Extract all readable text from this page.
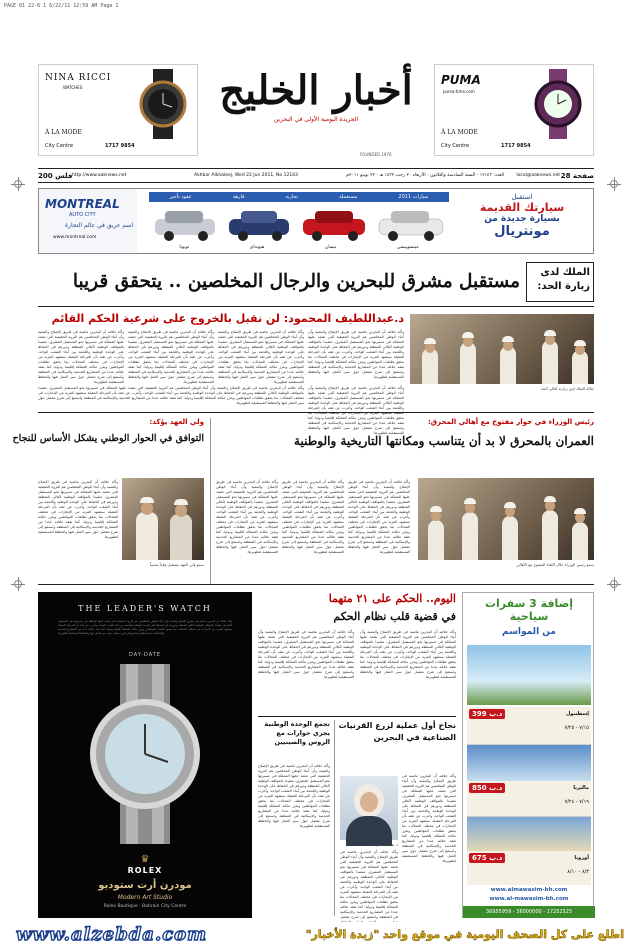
PAGE 01 22-6 1 6/22/11 12:59 AM Page 1
NINA RICCI
WATCHES
À LA MODE
City Centre	1717 9854
أخبار الخليج
الجريدة اليومية الأولى في البحرين
FOUNDED 1976
PUMA
puma-time.com
À LA MODE
City Centre	1717 9854
28 صفحة
local@aaknews.net
العدد: ١٢١٤٣ - السنة السادسة والثلاثون - الأربعاء ٢٠ رجب ١٤٣٢ هـ - ٢٢ يونيو ٢٠١١م
Akhbar Alkhaleej, Wed 22 Jun 2011, No 12143
http://www.aaknews.net
200 فلس
MONTREAL
AUTO CITY
اسم عريق في عالم التجارة
www.montreal.com
سيارات 2011
مستعملة
تجارية
فارهة
عقود تأجير
ميتسوبيشي
نيسان
هيونداي
تويوتا
استقبل
سيارتك القديمة
بسيارة جديدة من
مونتريال
الملك لدى زيارة الحد:
مستقبل مشرق للبحرين والرجال المخلصين .. يتحقق قريبا
د.عبداللطيف المحمود: لن نقبل بالخروج على شرعية الحكم القائم
وأكد جلالته أن البحرين ماضية في طريق الإصلاح والتنمية وأن أبناء الوطن المخلصين هم الثروة الحقيقية التي تعتمد عليها المملكة في مسيرتها نحو المستقبل المشرق، مشيدا بالمواقف الوطنية لأهالي المنطقة ودورهم في الحفاظ على الوحدة الوطنية واللحمة بين أبناء الشعب الواحد، وأعرب عن ثقته بأن المرحلة المقبلة ستشهد المزيد من الإنجازات في مختلف المجالات بما يحقق تطلعات المواطنين ويعزز مكانة المملكة إقليميا ودوليا، كما تفقد جلالته عددا من المشاريع الخدمية والإسكانية في المنطقة واستمع إلى شرح مفصل حول سير العمل فيها والخطط المستقبلية لتطويرها.
وأكد جلالته أن البحرين ماضية في طريق الإصلاح والتنمية وأن أبناء الوطن المخلصين هم الثروة الحقيقية التي تعتمد عليها المملكة في مسيرتها نحو المستقبل المشرق، مشيدا بالمواقف الوطنية لأهالي المنطقة ودورهم في الحفاظ على الوحدة الوطنية واللحمة بين أبناء الشعب الواحد، وأعرب عن ثقته بأن المرحلة المقبلة ستشهد المزيد من الإنجازات في مختلف المجالات بما يحقق تطلعات المواطنين ويعزز مكانة المملكة إقليميا ودوليا، كما تفقد جلالته عددا من المشاريع الخدمية والإسكانية في المنطقة واستمع إلى شرح مفصل حول سير العمل فيها والخطط المستقبلية لتطويرها.
وأكد جلالته أن البحرين ماضية في طريق الإصلاح والتنمية وأن أبناء الوطن المخلصين هم الثروة الحقيقية التي تعتمد عليها المملكة في مسيرتها نحو المستقبل المشرق، مشيدا بالمواقف الوطنية لأهالي المنطقة ودورهم في الحفاظ على الوحدة الوطنية واللحمة بين أبناء الشعب الواحد، وأعرب عن ثقته بأن المرحلة المقبلة ستشهد المزيد من الإنجازات في مختلف المجالات بما يحقق تطلعات المواطنين ويعزز مكانة المملكة إقليميا ودوليا، كما تفقد جلالته عددا من المشاريع الخدمية والإسكانية في المنطقة واستمع إلى شرح مفصل حول سير العمل فيها والخطط المستقبلية لتطويرها.
وأكد جلالته أن البحرين ماضية في طريق الإصلاح والتنمية وأن أبناء الوطن المخلصين هم الثروة الحقيقية التي تعتمد عليها المملكة في مسيرتها نحو المستقبل المشرق، مشيدا بالمواقف الوطنية لأهالي المنطقة ودورهم في الحفاظ على الوحدة الوطنية واللحمة بين أبناء الشعب الواحد، وأعرب عن ثقته بأن المرحلة المقبلة ستشهد المزيد من الإنجازات في مختلف المجالات بما يحقق تطلعات المواطنين ويعزز مكانة المملكة إقليميا ودوليا، كما تفقد جلالته عددا من المشاريع الخدمية والإسكانية في المنطقة واستمع إلى شرح مفصل حول سير العمل فيها والخطط المستقبلية لتطويرها.
وأكد جلالته أن البحرين ماضية في طريق الإصلاح والتنمية وأن أبناء الوطن المخلصين هم الثروة الحقيقية التي تعتمد عليها المملكة في مسيرتها نحو المستقبل المشرق، مشيدا بالمواقف الوطنية لأهالي المنطقة ودورهم في الحفاظ على الوحدة الوطنية واللحمة بين أبناء الشعب الواحد، وأعرب عن ثقته بأن المرحلة يحقق تطلعات المواطنين ويعزز مكانة المملكة إقليميا ودوليا، كما تفقد جلالته عددا من المشاريع الخدمية والإسكانية في المنطقة واستمع إلى شرح مفصل حول سير العمل فيها والخطط المستقبلية لتطويرها.
جلالة الملك لدى زيارته أهالي الحد
وأكد جلالته أن البحرين ماضية في طريق الإصلاح والتنمية وأن أبناء الوطن المخلصين هم الثروة الحقيقية التي تعتمد عليها المملكة في مسيرتها نحو المستقبل المشرق، مشيدا بالمواقف الوطنية لأهالي المنطقة ودورهم في الحفاظ على الوحدة الوطنية واللحمة بين أبناء الشعب الواحد، وأعرب عن ثقته بأن المرحلة المقبلة ستشهد المزيد من الإنجازات في مختلف المجالات بما يحقق تطلعات المواطنين ويعزز مكانة المملكة إقليميا ودوليا، كما تفقد جلالته عددا من المشاريع الخدمية والإسكانية في المنطقة واستمع إلى شرح مفصل حول سير العمل فيها والخطط المستقبلية لتطويرها.
ولي العهد يؤكد:
التوافق في الحوار الوطني يشكل الأساس للنجاح
وأكد جلالته أن البحرين ماضية في طريق الإصلاح والتنمية وأن أبناء الوطن المخلصين هم الثروة الحقيقية التي تعتمد عليها المملكة في مسيرتها نحو المستقبل المشرق، مشيدا بالمواقف الوطنية لأهالي المنطقة ودورهم في الحفاظ على الوحدة الوطنية واللحمة بين أبناء الشعب الواحد، وأعرب عن ثقته بأن المرحلة المقبلة ستشهد المزيد من الإنجازات في مختلف المجالات بما يحقق تطلعات المواطنين ويعزز مكانة المملكة إقليميا ودوليا، كما تفقد جلالته عددا من المشاريع الخدمية والإسكانية في المنطقة واستمع إلى شرح مفصل حول سير العمل فيها والخطط المستقبلية لتطويرها.
سمو ولي العهد يستقبل وفداً شعبياً
رئيس الوزراء في حوار مفتوح مع أهالي المحرق:
العمران بالمحرق لا بد أن يتناسب ومكانتها التاريخية والوطنية
وأكد جلالته أن البحرين ماضية في طريق الإصلاح والتنمية وأن أبناء الوطن المخلصين هم الثروة الحقيقية التي تعتمد عليها المملكة في مسيرتها نحو المستقبل المشرق، مشيدا بالمواقف الوطنية لأهالي المنطقة ودورهم في الحفاظ على الوحدة الوطنية واللحمة بين أبناء الشعب الواحد، وأعرب عن ثقته بأن المرحلة المقبلة ستشهد المزيد من الإنجازات في مختلف المجالات بما يحقق تطلعات المواطنين ويعزز مكانة المملكة إقليميا ودوليا، كما تفقد جلالته عددا من المشاريع الخدمية والإسكانية في المنطقة واستمع إلى شرح مفصل حول سير العمل فيها والخطط المستقبلية لتطويرها.
وأكد جلالته أن البحرين ماضية في طريق الإصلاح والتنمية وأن أبناء الوطن المخلصين هم الثروة الحقيقية التي تعتمد عليها المملكة في مسيرتها نحو المستقبل المشرق، مشيدا بالمواقف الوطنية لأهالي المنطقة ودورهم في الحفاظ على الوحدة الوطنية واللحمة بين أبناء الشعب الواحد، وأعرب عن ثقته بأن المرحلة المقبلة ستشهد المزيد من الإنجازات في مختلف المجالات بما يحقق تطلعات المواطنين ويعزز مكانة المملكة إقليميا ودوليا، كما تفقد جلالته عددا من المشاريع الخدمية والإسكانية في المنطقة واستمع إلى شرح مفصل حول سير العمل فيها والخطط المستقبلية لتطويرها.
وأكد جلالته أن البحرين ماضية في طريق الإصلاح والتنمية وأن أبناء الوطن المخلصين هم الثروة الحقيقية التي تعتمد عليها المملكة في مسيرتها نحو المستقبل المشرق، مشيدا بالمواقف الوطنية لأهالي المنطقة ودورهم في الحفاظ على الوحدة الوطنية واللحمة بين أبناء الشعب الواحد، وأعرب عن ثقته بأن المرحلة المقبلة ستشهد المزيد من الإنجازات في مختلف المجالات بما يحقق تطلعات المواطنين ويعزز مكانة المملكة إقليميا ودوليا، كما تفقد جلالته عددا من المشاريع الخدمية والإسكانية في المنطقة واستمع إلى شرح مفصل حول سير العمل فيها والخطط المستقبلية لتطويرها.
سمو رئيس الوزراء خلال اللقاء المفتوح مع الأهالي
THE LEADER'S WATCH
وأكد جلالته أن البحرين ماضية في طريق الإصلاح والتنمية وأن أبناء الوطن المخلصين هم الثروة الحقيقية التي تعتمد عليها المملكة في مسيرتها نحو المستقبل المشرق، مشيدا بالمواقف الوطنية لأهالي المنطقة ودورهم في الحفاظ على الوحدة الوطنية واللحمة بين أبناء الشعب الواحد، وأعرب عن ثقته بأن المرحلة المقبلة ستشهد المزيد من الإنجازات في مختلف المجالات بما يحقق تطلعات المواطنين ويعزز مكانة المملكة إقليميا ودوليا، كما تفقد جلالته عددا من المشاريع الخدمية والإسكانية في المنطقة واستمع إلى شرح مفصل حول سير العمل فيها والخطط المستقبلية لتطويرها.
DAY-DATE
♛
ROLEX
مودرن أرت ستوديو
Modern Art Studio
Rolex Boutique - Bahrain City Centre
اليوم.. الحكم على ٢١ متهما
في قضية قلب نظام الحكم
وأكد جلالته أن البحرين ماضية في طريق الإصلاح والتنمية وأن أبناء الوطن المخلصين هم الثروة الحقيقية التي تعتمد عليها المملكة في مسيرتها نحو المستقبل المشرق، مشيدا بالمواقف الوطنية لأهالي المنطقة ودورهم في الحفاظ على الوحدة الوطنية واللحمة بين أبناء الشعب الواحد، وأعرب عن ثقته بأن المرحلة المقبلة ستشهد المزيد من الإنجازات في مختلف المجالات بما يحقق تطلعات المواطنين ويعزز مكانة المملكة إقليميا ودوليا، كما تفقد جلالته عددا من المشاريع الخدمية والإسكانية في المنطقة واستمع إلى شرح مفصل حول سير العمل فيها والخطط المستقبلية لتطويرها.
وأكد جلالته أن البحرين ماضية في طريق الإصلاح والتنمية وأن أبناء الوطن المخلصين هم الثروة الحقيقية التي تعتمد عليها المملكة في مسيرتها نحو المستقبل المشرق، مشيدا بالمواقف الوطنية لأهالي المنطقة ودورهم في الحفاظ على الوحدة الوطنية واللحمة بين أبناء الشعب الواحد، وأعرب عن ثقته بأن المرحلة المقبلة ستشهد المزيد من الإنجازات في مختلف المجالات بما يحقق تطلعات المواطنين ويعزز مكانة المملكة إقليميا ودوليا، كما تفقد جلالته عددا من المشاريع الخدمية والإسكانية في المنطقة واستمع إلى شرح مفصل حول سير العمل فيها والخطط المستقبلية لتطويرها.
تجمع الوحدة الوطنية يجري حوارات مع الروس والصينيين
وأكد جلالته أن البحرين ماضية في طريق الإصلاح والتنمية وأن أبناء الوطن المخلصين هم الثروة الحقيقية التي تعتمد عليها المملكة في مسيرتها نحو المستقبل المشرق، مشيدا بالمواقف الوطنية لأهالي المنطقة ودورهم في الحفاظ على الوحدة الوطنية واللحمة بين أبناء الشعب الواحد، وأعرب عن ثقته بأن المرحلة المقبلة ستشهد المزيد من الإنجازات في مختلف المجالات بما يحقق تطلعات المواطنين ويعزز مكانة المملكة إقليميا ودوليا، كما تفقد جلالته عددا من المشاريع الخدمية والإسكانية في المنطقة واستمع إلى شرح مفصل حول سير العمل فيها والخطط المستقبلية لتطويرها.
نجاح أول عملية لزرع القرنيات الصناعية في البحرين
وأكد جلالته أن البحرين ماضية في طريق الإصلاح والتنمية وأن أبناء الوطن المخلصين هم الثروة الحقيقية التي تعتمد عليها المملكة في مسيرتها نحو المستقبل المشرق، مشيدا بالمواقف الوطنية لأهالي المنطقة ودورهم في الحفاظ على الوحدة الوطنية واللحمة بين أبناء الشعب الواحد، وأعرب عن ثقته بأن المرحلة المقبلة ستشهد المزيد من الإنجازات في مختلف المجالات بما يحقق تطلعات المواطنين ويعزز مكانة المملكة إقليميا ودوليا، كما تفقد جلالته عددا من المشاريع الخدمية والإسكانية في المنطقة واستمع إلى شرح مفصل حول سير العمل فيها والخطط المستقبلية لتطويرها.
د. هيفاء محمود
وأكد جلالته أن البحرين ماضية في طريق الإصلاح والتنمية وأن أبناء الوطن المخلصين هم الثروة الحقيقية التي تعتمد عليها المملكة في مسيرتها نحو المستقبل المشرق، مشيدا بالمواقف الوطنية لأهالي المنطقة ودورهم في الحفاظ على الوحدة الوطنية واللحمة بين أبناء الشعب الواحد، وأعرب عن ثقته بأن المرحلة المقبلة ستشهد المزيد من الإنجازات في مختلف المجالات بما يحقق تطلعات المواطنين ويعزز مكانة المملكة إقليميا ودوليا، كما تفقد جلالته عددا من المشاريع الخدمية والإسكانية في المنطقة واستمع إلى شرح مفصل
إضافة 3 سفرات سياحية
من المواسم
399 د.ب	إسطنبول
٧/١٥ - ٧/٢٥
850 د.ب	ماليزيا
٧/١٩ - ٧/٢٤
675 د.ب	أوروبا
٨/٣ - ٨/١٠
www.almawasim-bh.com
www.al-mawasim-bh.com
36955959 - 36000000 - 17252525
www.alzebda.com	اطلع على كل الصحف اليومية في موقع واحد "زبدة الأخبار"
